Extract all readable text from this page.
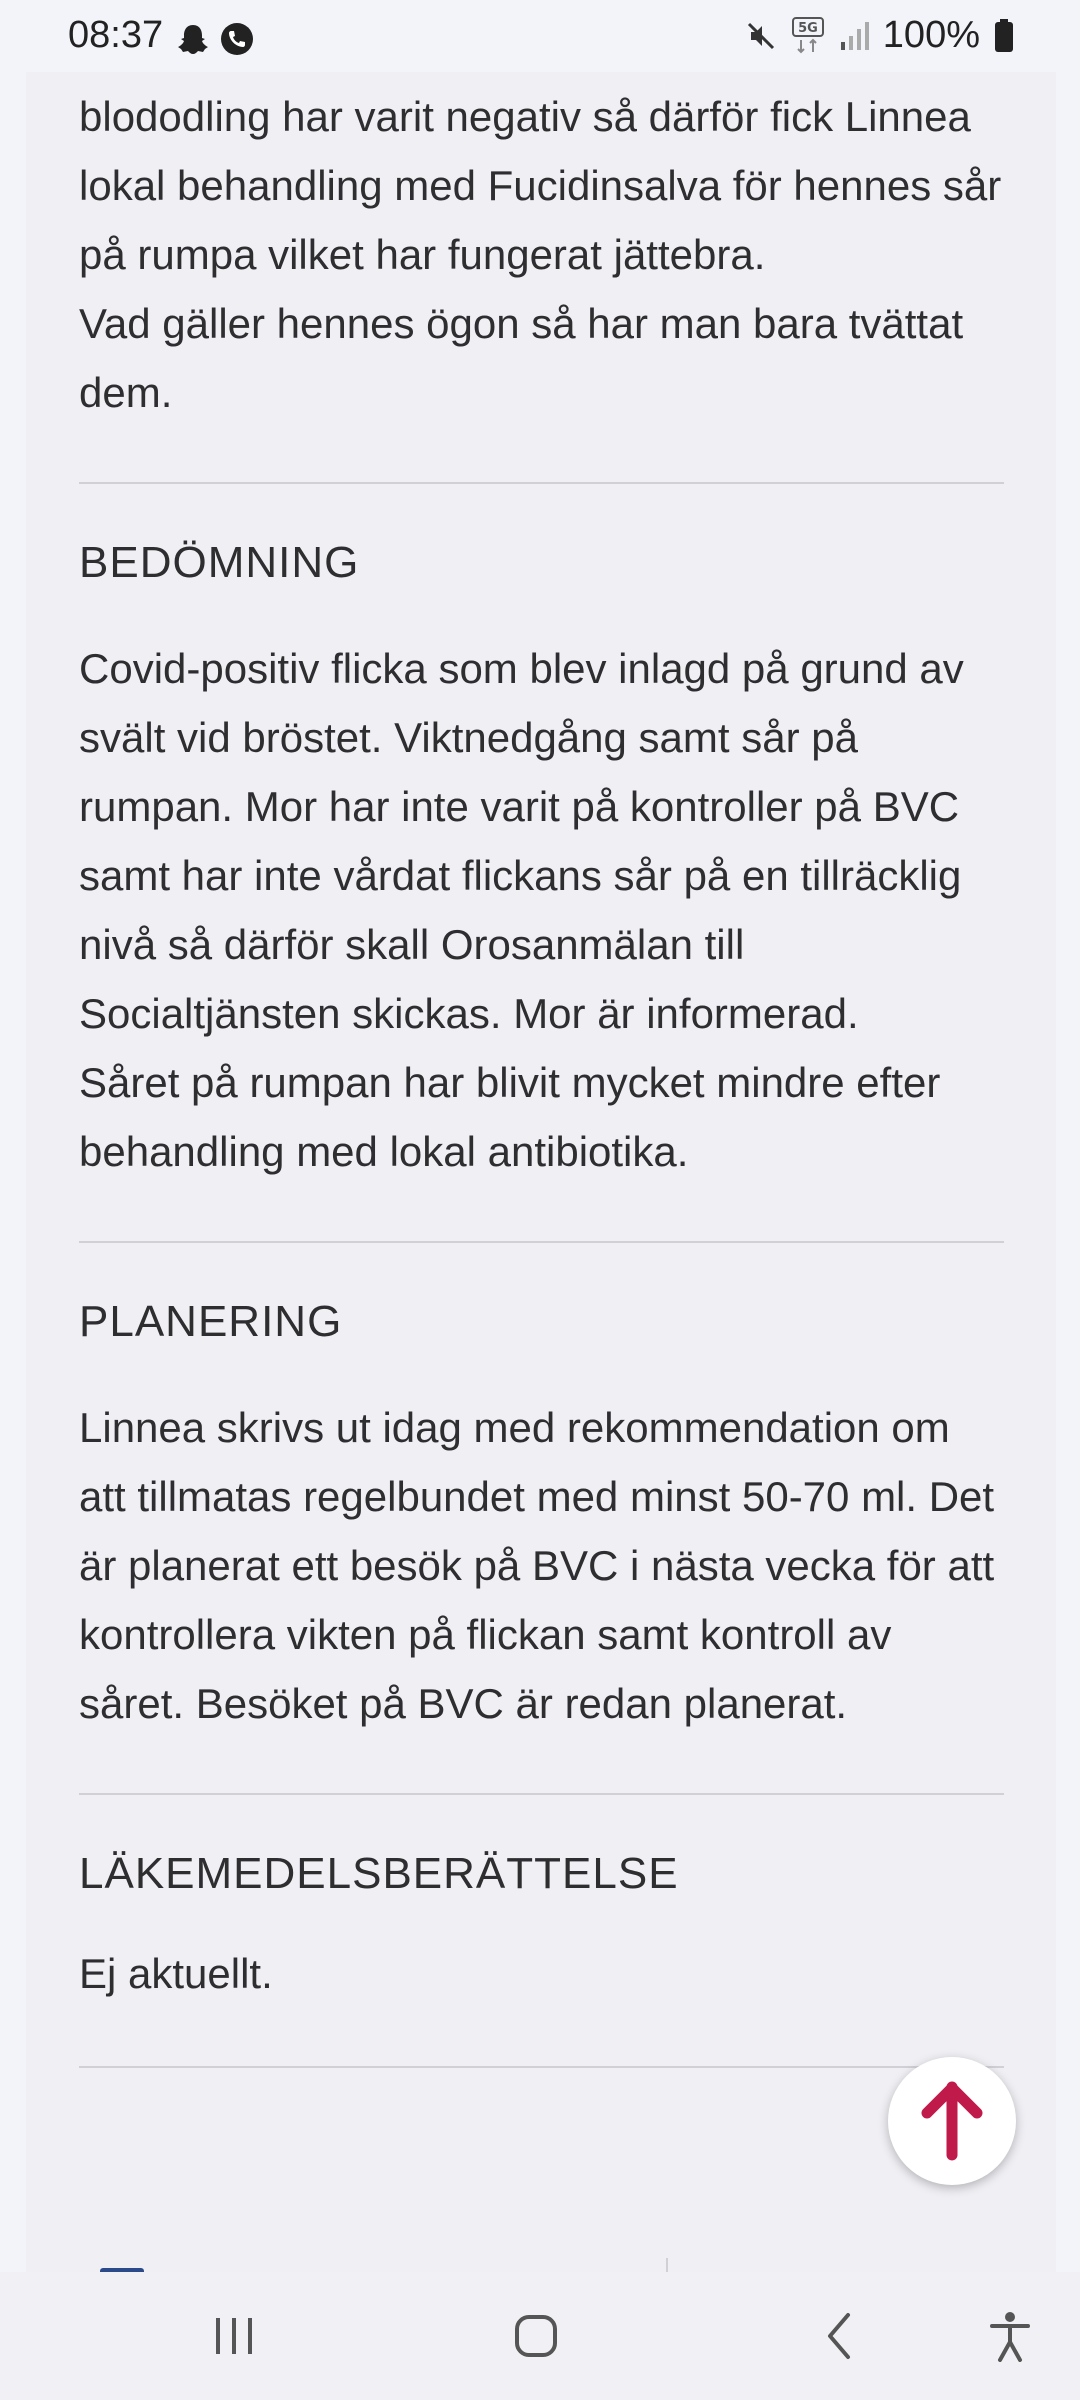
08:37	5G 100%

blododling har varit negativ så därför fick Linnea lokal behandling med Fucidinsalva för hennes sår på rumpa vilket har fungerat jättebra.

Vad gäller hennes ögon så har man bara tvättat dem.

BEDÖMNING

Covid-positiv flicka som blev inlagd på grund av svält vid bröstet. Viktnedgång samt sår på rumpan. Mor har inte varit på kontroller på BVC samt har inte vårdat flickans sår på en tillräcklig nivå så därför skall Orosanmälan till Socialtjänsten skickas. Mor är informerad.

Såret på rumpan har blivit mycket mindre efter behandling med lokal antibiotika.

PLANERING

Linnea skrivs ut idag med rekommendation om att tillmatas regelbundet med minst 50-70 ml. Det är planerat ett besök på BVC i nästa vecka för att kontrollera vikten på flickan samt kontroll av såret. Besöket på BVC är redan planerat.

LÄKEMEDELSBERÄTTELSE

Ej aktuellt.
